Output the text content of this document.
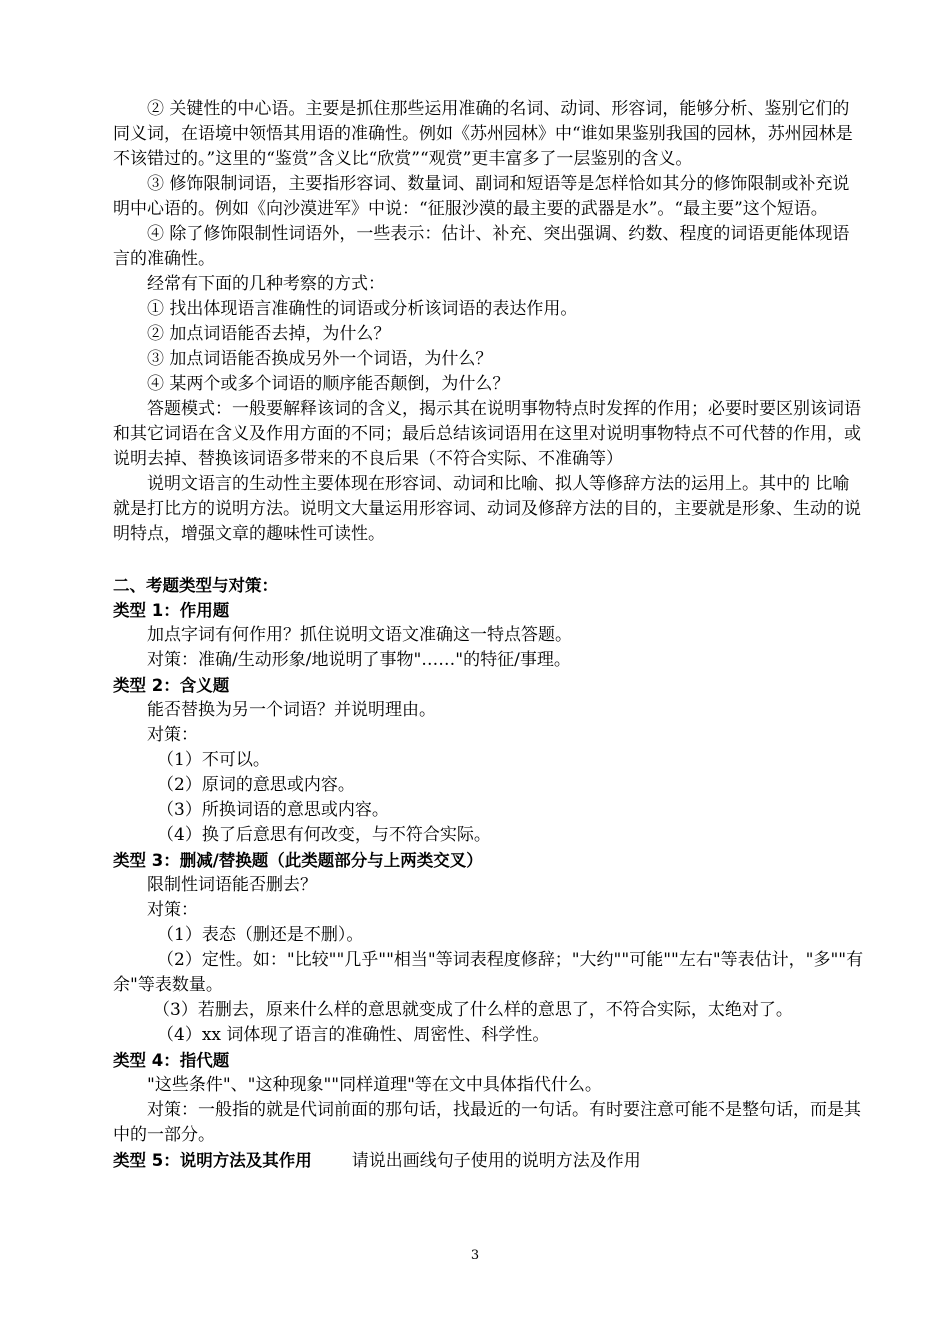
② 关键性的中心语。主要是抓住那些运用准确的名词、动词、形容词，能够分析、鉴别它们的同义词，在语境中领悟其用语的准确性。例如《苏州园林》中“谁如果鉴别我国的园林，苏州园林是不该错过的。”这里的“鉴赏”含义比“欣赏”“观赏”更丰富多了一层鉴别的含义。

③ 修饰限制词语，主要指形容词、数量词、副词和短语等是怎样恰如其分的修饰限制或补充说明中心语的。例如《向沙漠进军》中说：“征服沙漠的最主要的武器是水”。“最主要”这个短语。

④ 除了修饰限制性词语外，一些表示：估计、补充、突出强调、约数、程度的词语更能体现语言的准确性。

经常有下面的几种考察的方式：

① 找出体现语言准确性的词语或分析该词语的表达作用。

② 加点词语能否去掉，为什么？

③ 加点词语能否换成另外一个词语，为什么？

④ 某两个或多个词语的顺序能否颠倒，为什么？

答题模式：一般要解释该词的含义，揭示其在说明事物特点时发挥的作用；必要时要区别该词语和其它词语在含义及作用方面的不同；最后总结该词语用在这里对说明事物特点不可代替的作用，或说明去掉、替换该词语多带来的不良后果（不符合实际、不准确等）

说明文语言的生动性主要体现在形容词、动词和比喻、拟人等修辞方法的运用上。其中的 比喻就是打比方的说明方法。说明文大量运用形容词、动词及修辞方法的目的，主要就是形象、生动的说明特点，增强文章的趣味性可读性。

二、考题类型与对策：

类型 1：作用题

加点字词有何作用？抓住说明文语文准确这一特点答题。

对策：准确/生动形象/地说明了事物"……"的特征/事理。

类型 2：含义题

能否替换为另一个词语？并说明理由。

对策：

（1）不可以。

（2）原词的意思或内容。

（3）所换词语的意思或内容。

（4）换了后意思有何改变，与不符合实际。

类型 3：删减/替换题（此类题部分与上两类交叉）

限制性词语能否删去？

对策：

（1）表态（删还是不删）。

（2）定性。如："比较""几乎""相当"等词表程度修辞；"大约""可能""左右"等表估计，"多""有余"等表数量。

（3）若删去，原来什么样的意思就变成了什么样的意思了，不符合实际，太绝对了。

（4）xx 词体现了语言的准确性、周密性、科学性。

类型 4：指代题

"这些条件"、"这种现象""同样道理"等在文中具体指代什么。

对策：一般指的就是代词前面的那句话，找最近的一句话。有时要注意可能不是整句话，而是其中的一部分。

类型 5：说明方法及其作用 请说出画线句子使用的说明方法及作用

3
